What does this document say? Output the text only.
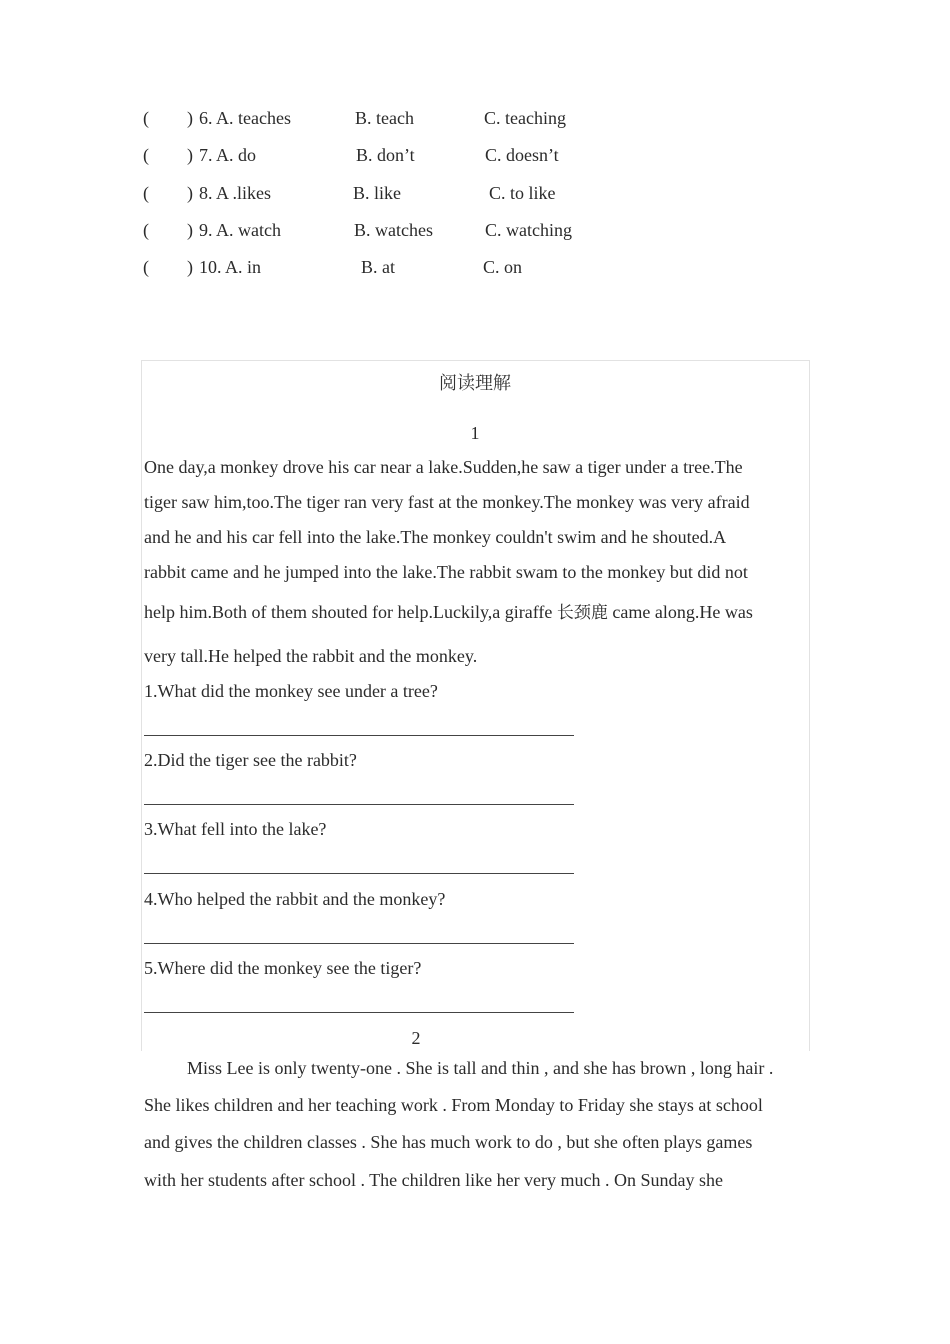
( ) 6. A. teaches	B. teach	C. teaching
( ) 7. A. do	B. don’t	C. doesn’t
( ) 8. A .likes	B. like	C. to like
( ) 9. A. watch	B. watches	C. watching
( ) 10. A. in	B. at	C. on
阅读理解
1
One day,a monkey drove his car near a lake.Sudden,he saw a tiger under a tree.The
tiger saw him,too.The tiger ran very fast at the monkey.The monkey was very afraid
and he and his car fell into the lake.The monkey couldn't swim and he shouted.A
rabbit came and he jumped into the lake.The rabbit swam to the monkey but did not
help him.Both of them shouted for help.Luckily,a giraffe 长颈鹿 came along.He was
very tall.He helped the rabbit and the monkey.
1.What did the monkey see under a tree?
2.Did the tiger see the rabbit?
3.What fell into the lake?
4.Who helped the rabbit and the monkey?
5.Where did the monkey see the tiger?
2
Miss Lee is only twenty-one . She is tall and thin , and she has brown , long hair .
She likes children and her teaching work . From Monday to Friday she stays at school
and gives the children classes . She has much work to do , but she often plays games
with her students after school . The children like her very much . On Sunday she
